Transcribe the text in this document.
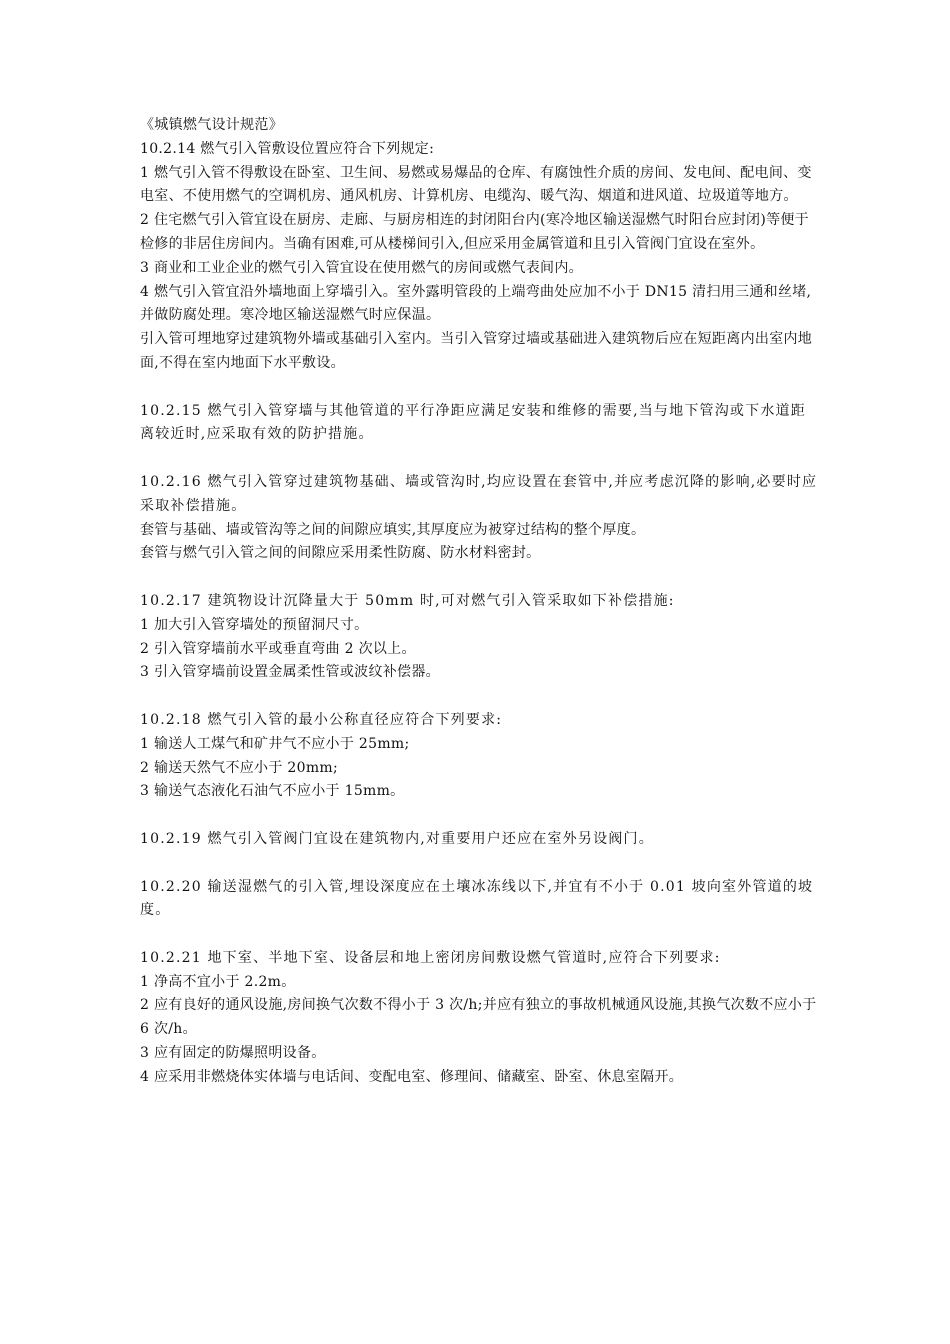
《城镇燃气设计规范》

10.2.14 燃气引入管敷设位置应符合下列规定:

1 燃气引入管不得敷设在卧室、卫生间、易燃或易爆品的仓库、有腐蚀性介质的房间、发电间、配电间、变电室、不使用燃气的空调机房、通风机房、计算机房、电缆沟、暖气沟、烟道和进风道、垃圾道等地方。

2 住宅燃气引入管宜设在厨房、走廊、与厨房相连的封闭阳台内(寒冷地区输送湿燃气时阳台应封闭)等便于检修的非居住房间内。当确有困难,可从楼梯间引入,但应采用金属管道和且引入管阀门宜设在室外。

3 商业和工业企业的燃气引入管宜设在使用燃气的房间或燃气表间内。

4 燃气引入管宜沿外墙地面上穿墙引入。室外露明管段的上端弯曲处应加不小于 DN15 清扫用三通和丝堵,并做防腐处理。寒冷地区输送湿燃气时应保温。

引入管可埋地穿过建筑物外墙或基础引入室内。当引入管穿过墙或基础进入建筑物后应在短距离内出室内地面,不得在室内地面下水平敷设。

10.2.15 燃气引入管穿墙与其他管道的平行净距应满足安装和维修的需要,当与地下管沟或下水道距离较近时,应采取有效的防护措施。

10.2.16 燃气引入管穿过建筑物基础、墙或管沟时,均应设置在套管中,并应考虑沉降的影响,必要时应采取补偿措施。

套管与基础、墙或管沟等之间的间隙应填实,其厚度应为被穿过结构的整个厚度。

套管与燃气引入管之间的间隙应采用柔性防腐、防水材料密封。

10.2.17 建筑物设计沉降量大于 50mm 时,可对燃气引入管采取如下补偿措施:

1 加大引入管穿墙处的预留洞尺寸。

2 引入管穿墙前水平或垂直弯曲 2 次以上。

3 引入管穿墙前设置金属柔性管或波纹补偿器。

10.2.18 燃气引入管的最小公称直径应符合下列要求:

1 输送人工煤气和矿井气不应小于 25mm;

2 输送天然气不应小于 20mm;

3 输送气态液化石油气不应小于 15mm。

10.2.19 燃气引入管阀门宜设在建筑物内,对重要用户还应在室外另设阀门。

10.2.20 输送湿燃气的引入管,埋设深度应在土壤冰冻线以下,并宜有不小于 0.01 坡向室外管道的坡度。

10.2.21 地下室、半地下室、设备层和地上密闭房间敷设燃气管道时,应符合下列要求:

1 净高不宜小于 2.2m。

2 应有良好的通风设施,房间换气次数不得小于 3 次/h;并应有独立的事故机械通风设施,其换气次数不应小于 6 次/h。

3 应有固定的防爆照明设备。

4 应采用非燃烧体实体墙与电话间、变配电室、修理间、储藏室、卧室、休息室隔开。
